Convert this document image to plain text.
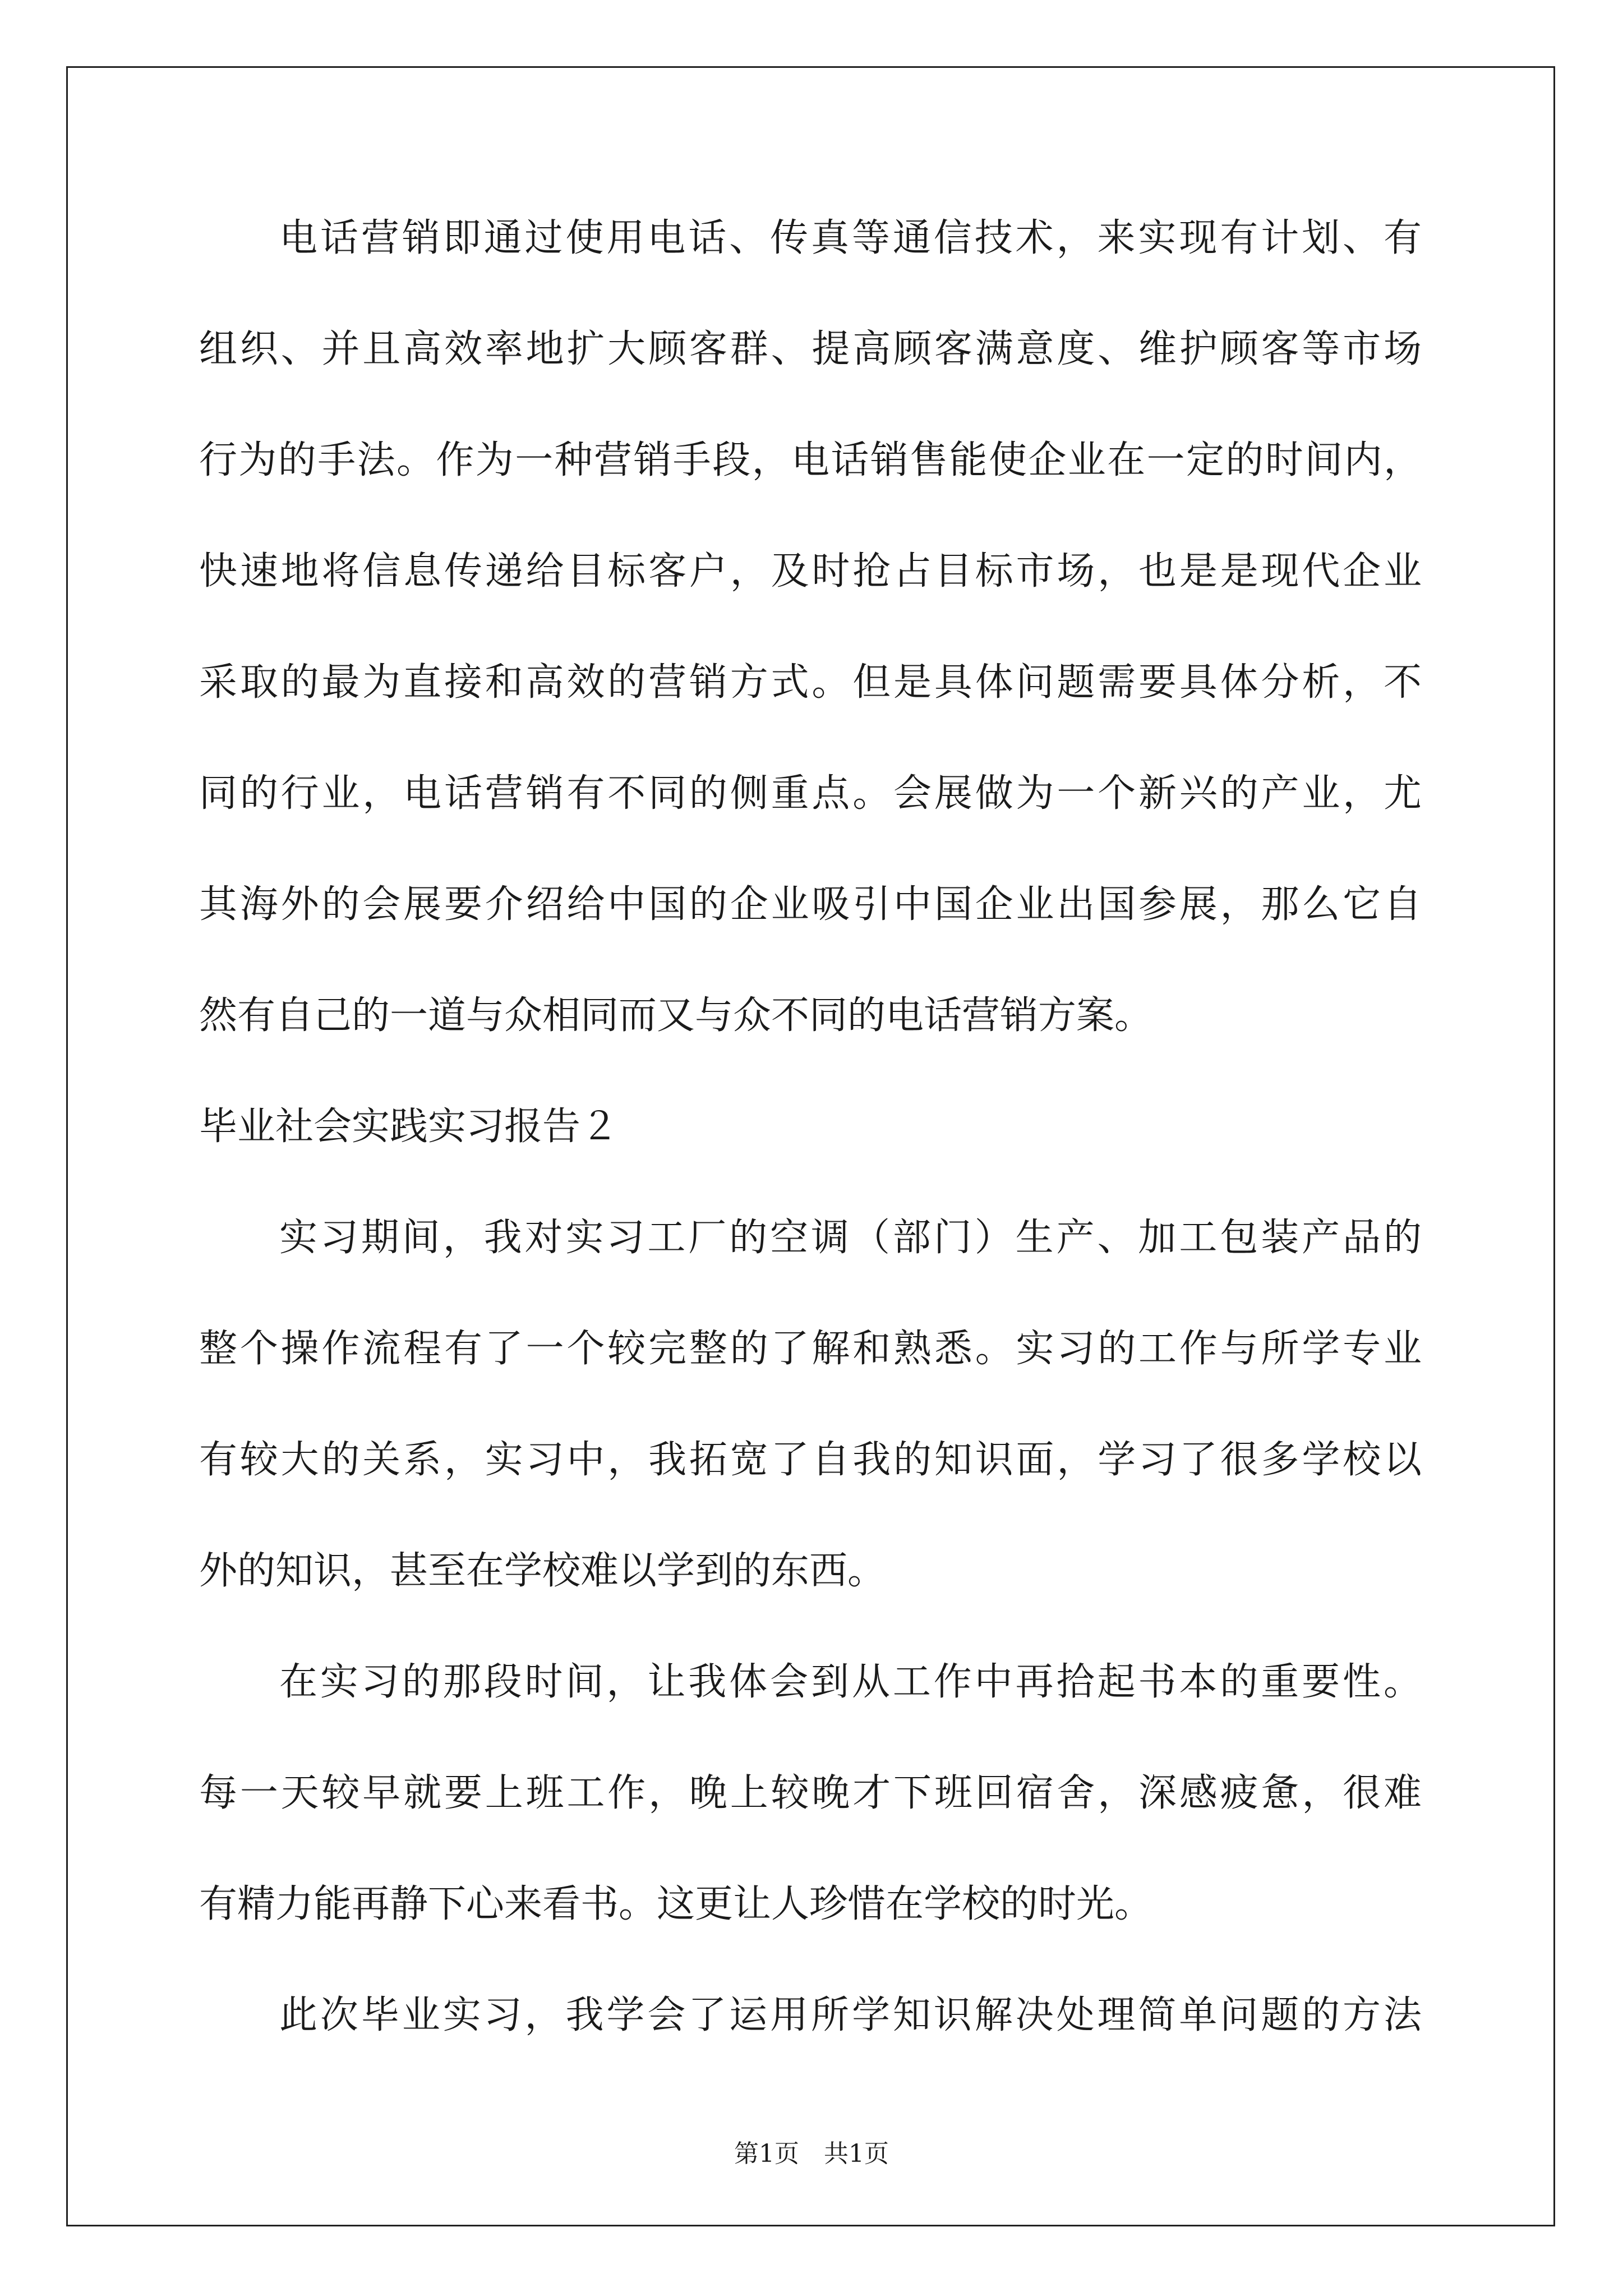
电话营销即通过使用电话、传真等通信技术，来实现有计划、有
组织、并且高效率地扩大顾客群、提高顾客满意度、维护顾客等市场
行为的手法。作为一种营销手段，电话销售能使企业在一定的时间内，
快速地将信息传递给目标客户，及时抢占目标市场，也是是现代企业
采取的最为直接和高效的营销方式。但是具体问题需要具体分析，不
同的行业，电话营销有不同的侧重点。会展做为一个新兴的产业，尤
其海外的会展要介绍给中国的企业吸引中国企业出国参展，那么它自
然有自己的一道与众相同而又与众不同的电话营销方案。
毕业社会实践实习报告２
实习期间，我对实习工厂的空调（部门）生产、加工包装产品的
整个操作流程有了一个较完整的了解和熟悉。实习的工作与所学专业
有较大的关系，实习中，我拓宽了自我的知识面，学习了很多学校以
外的知识，甚至在学校难以学到的东西。
在实习的那段时间，让我体会到从工作中再拾起书本的重要性。
每一天较早就要上班工作，晚上较晚才下班回宿舍，深感疲惫，很难
有精力能再静下心来看书。这更让人珍惜在学校的时光。
此次毕业实习，我学会了运用所学知识解决处理简单问题的方法
第1页　共1页
